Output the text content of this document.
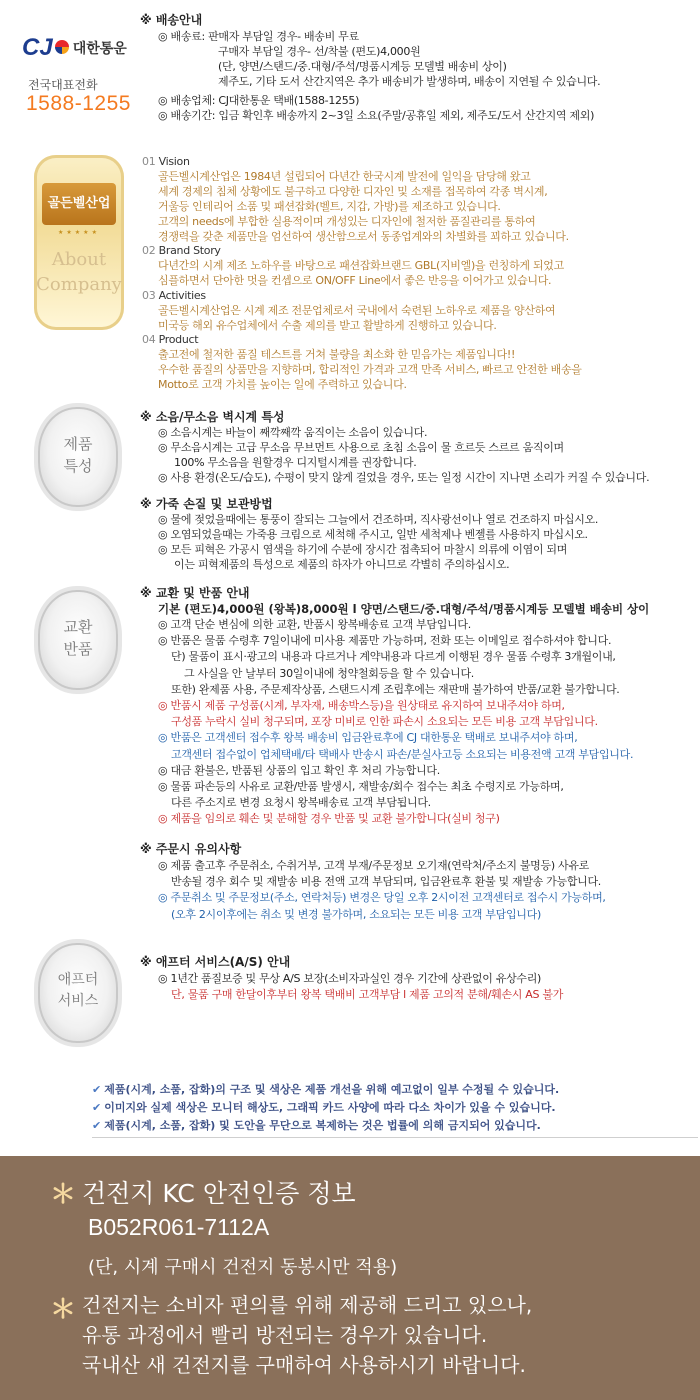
CJ 대한통운
전국대표전화
1588-1255
※ 배송안내
◎ 배송료: 판매자 부담일 경우- 배송비 무료
구매자 부담일 경우- 선/착불 (편도)4,000원
(단, 양면/스탠드/중.대형/주석/명품시계등 모델별 배송비 상이)
제주도, 기타 도서 산간지역은 추가 배송비가 발생하며, 배송이 지연될 수 있습니다.
◎ 배송업체: CJ대한통운 택배(1588-1255)
◎ 배송기간: 입금 확인후 배송까지 2~3일 소요(주말/공휴일 제외, 제주도/도서 산간지역 제외)
골든벨산업
★★★★★
About
Company
01 Vision
골든벨시계산업은 1984년 설립되어 다년간 한국시계 발전에 일익을 담당해 왔고
세계 경제의 침체 상황에도 불구하고 다양한 디자인 및 소재를 접목하여 각종 벽시계,
거울등 인테리어 소품 및 패션잡화(벨트, 지갑, 가방)를 제조하고 있습니다.
고객의 needs에 부합한 실용적이며 개성있는 디자인에 철저한 품질관리를 통하여
경쟁력을 갖춘 제품만을 엄선하여 생산함으로서 동종업계와의 차별화를 꾀하고 있습니다.
02 Brand Story
다년간의 시계 제조 노하우를 바탕으로 패션잡화브랜드 GBL(지비엘)을 런칭하게 되었고
심플하면서 단아한 멋을 컨셉으로 ON/OFF Line에서 좋은 반응을 이어가고 있습니다.
03 Activities
골든벨시계산업은 시계 제조 전문업체로서 국내에서 숙련된 노하우로 제품을 양산하여
미국등 해외 유수업체에서 수출 제의를 받고 활발하게 진행하고 있습니다.
04 Product
출고전에 철저한 품질 테스트를 거쳐 불량을 최소화 한 믿음가는 제품입니다!!
우수한 품질의 상품만을 지향하며, 합리적인 가격과 고객 만족 서비스, 빠르고 안전한 배송을
Motto로 고객 가치를 높이는 일에 주력하고 있습니다.
제품
특성
※ 소음/무소음 벽시계 특성
◎ 소음시계는 바늘이 째깍째깍 움직이는 소음이 있습니다.
◎ 무소음시계는 고급 무소음 무브먼트 사용으로 초침 소음이 물 흐르듯 스르르 움직이며
100% 무소음을 원할경우 디지털시계를 권장합니다.
◎ 사용 환경(온도/습도), 수평이 맞지 않게 걸었을 경우, 또는 일정 시간이 지나면 소리가 커질 수 있습니다.
※ 가죽 손질 및 보관방법
◎ 물에 젖었을때에는 통풍이 잘되는 그늘에서 건조하며, 직사광선이나 열로 건조하지 마십시오.
◎ 오염되었을때는 가죽용 크림으로 세척해 주시고, 일반 세척제나 벤젤를 사용하지 마십시오.
◎ 모든 피혁은 가공시 염색을 하기에 수분에 장시간 접촉되어 마찰시 의류에 이염이 되며
이는 피혁제품의 특성으로 제품의 하자가 아니므로 각별히 주의하십시오.
교환
반품
※ 교환 및 반품 안내
기본 (편도)4,000원 (왕복)8,000원 l 양면/스탠드/중.대형/주석/명품시계등 모델별 배송비 상이
◎ 고객 단순 변심에 의한 교환, 반품시 왕복배송료 고객 부담입니다.
◎ 반품은 물품 수령후 7일이내에 미사용 제품만 가능하며, 전화 또는 이메일로 접수하셔야 합니다.
단) 물품이 표시·광고의 내용과 다르거나 계약내용과 다르게 이행된 경우 물품 수령후 3개월이내,
그 사실을 안 날부터 30일이내에 청약철회등을 할 수 있습니다.
또한) 완제품 사용, 주문제작상품, 스탠드시계 조립후에는 재판매 불가하여 반품/교환 불가합니다.
◎ 반품시 제품 구성품(시계, 부자재, 배송박스등)을 원상태로 유지하여 보내주셔야 하며,
구성품 누락시 실비 청구되며, 포장 미비로 인한 파손시 소요되는 모든 비용 고객 부담입니다.
◎ 반품은 고객센터 접수후 왕복 배송비 입금완료후에 CJ 대한통운 택배로 보내주셔야 하며,
고객센터 접수없이 업체택배/타 택배사 반송시 파손/분실사고등 소요되는 비용전액 고객 부담입니다.
◎ 대금 환불은, 반품된 상품의 입고 확인 후 처리 가능합니다.
◎ 물품 파손등의 사유로 교환/반품 발생시, 재발송/회수 접수는 최초 수령지로 가능하며,
다른 주소지로 변경 요청시 왕복배송료 고객 부담됩니다.
◎ 제품을 임의로 훼손 및 분해할 경우 반품 및 교환 불가합니다(실비 청구)
※ 주문시 유의사항
◎ 제품 출고후 주문취소, 수취거부, 고객 부재/주문정보 오기재(연락처/주소지 불명등) 사유로
반송될 경우 회수 및 재발송 비용 전액 고객 부담되며, 입금완료후 환불 및 재발송 가능합니다.
◎ 주문취소 및 주문정보(주소, 연락처등) 변경은 당일 오후 2시이전 고객센터로 접수시 가능하며,
(오후 2시이후에는 취소 및 변경 불가하며, 소요되는 모든 비용 고객 부담입니다)
애프터
서비스
※ 애프터 서비스(A/S) 안내
◎ 1년간 품질보증 및 무상 A/S 보장(소비자과실인 경우 기간에 상관없이 유상수리)
단, 물품 구매 한달이후부터 왕복 택배비 고객부담 l 제품 고의적 분해/훼손시 AS 불가
✔ 제품(시계, 소품, 잡화)의 구조 및 색상은 제품 개선을 위해 예고없이 일부 수정될 수 있습니다.
✔ 이미지와 실제 색상은 모니터 해상도, 그래픽 카드 사양에 따라 다소 차이가 있을 수 있습니다.
✔ 제품(시계, 소품, 잡화) 및 도안을 무단으로 복제하는 것은 법률에 의해 금지되어 있습니다.
＊ 건전지 KC 안전인증 정보
B052R061-7112A
(단, 시계 구매시 건전지 동봉시만 적용)
＊ 건전지는 소비자 편의를 위해 제공해 드리고 있으나,
유통 과정에서 빨리 방전되는 경우가 있습니다.
국내산 새 건전지를 구매하여 사용하시기 바랍니다.
